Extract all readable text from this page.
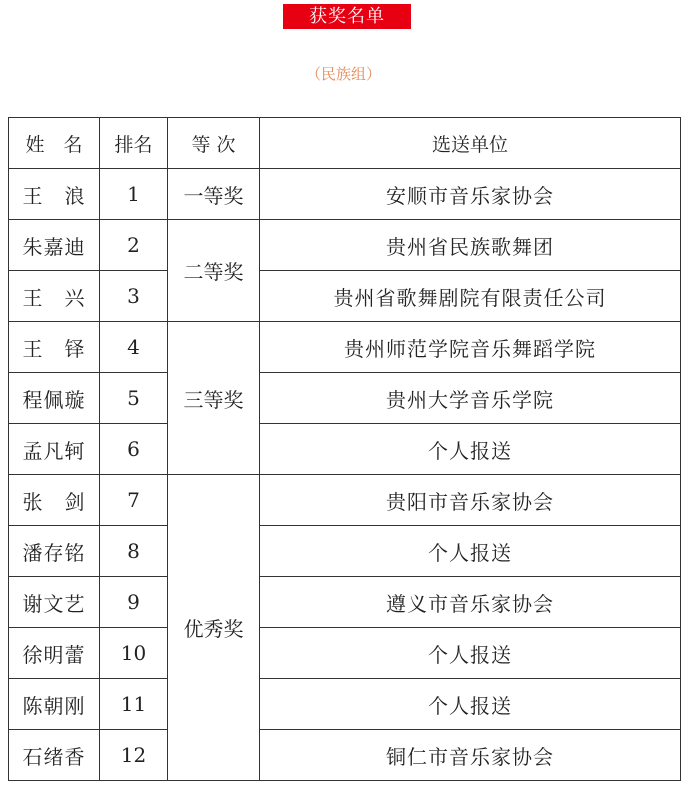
获奖名单
（民族组）
姓　名	排名	等 次	选送单位
王　浪	1	一等奖	安顺市音乐家协会
朱嘉迪	2	二等奖	贵州省民族歌舞团
王　兴	3		贵州省歌舞剧院有限责任公司
王　铎	4	三等奖	贵州师范学院音乐舞蹈学院
程佩璇	5		贵州大学音乐学院
孟凡轲	6		个人报送
张　剑	7	优秀奖	贵阳市音乐家协会
潘存铭	8		个人报送
谢文艺	9		遵义市音乐家协会
徐明蕾	10		个人报送
陈朝刚	11		个人报送
石绪香	12		铜仁市音乐家协会
